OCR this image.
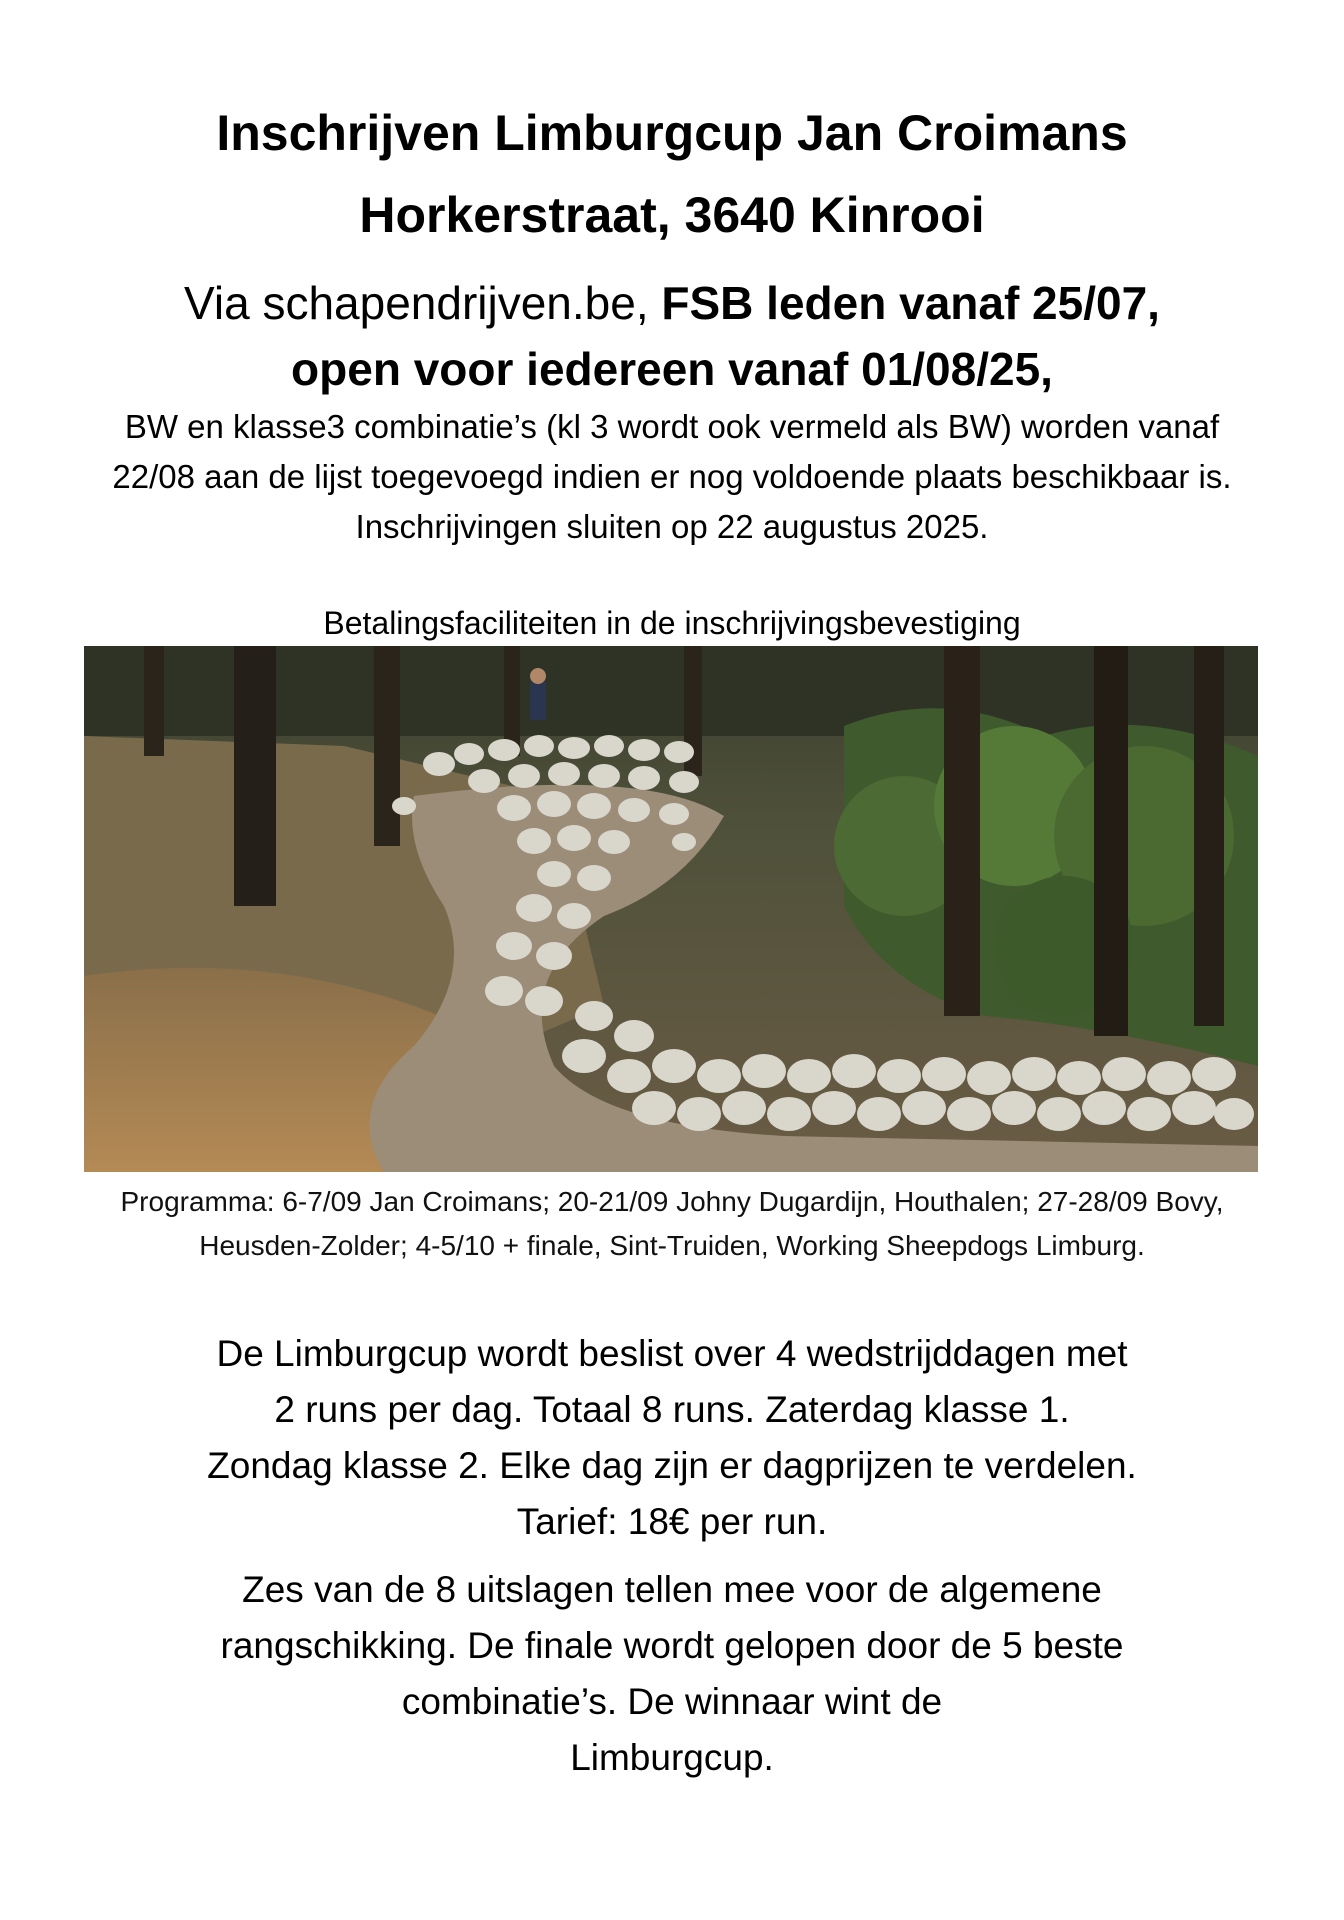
Inschrijven Limburgcup Jan Croimans
Horkerstraat, 3640 Kinrooi
Via schapendrijven.be, FSB leden vanaf 25/07,
open voor iedereen vanaf 01/08/25,

BW en klasse3 combinatie’s (kl 3 wordt ook vermeld als BW) worden vanaf 22/08 aan de lijst toegevoegd indien er nog voldoende plaats beschikbaar is. Inschrijvingen sluiten op 22 augustus 2025.

Betalingsfaciliteiten in de inschrijvingsbevestiging

Programma: 6-7/09 Jan Croimans; 20-21/09 Johny Dugardijn, Houthalen; 27-28/09 Bovy, Heusden-Zolder; 4-5/10 + finale, Sint-Truiden, Working Sheepdogs Limburg.

De Limburgcup wordt beslist over 4 wedstrijddagen met
2 runs per dag. Totaal 8 runs. Zaterdag klasse 1.
Zondag klasse 2. Elke dag zijn er dagprijzen te verdelen.
Tarief: 18€ per run.
Zes van de 8 uitslagen tellen mee voor de algemene
rangschikking. De finale wordt gelopen door de 5 beste
combinatie’s. De winnaar wint de
Limburgcup.
